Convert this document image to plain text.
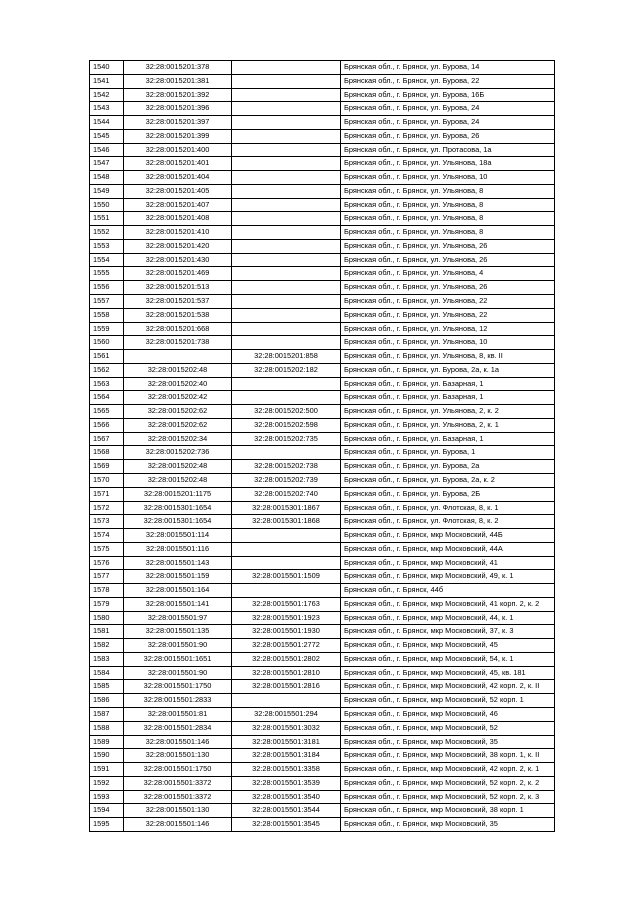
1540	32:28:0015201:378		Брянская обл., г. Брянск, ул. Бурова, 14
1541	32:28:0015201:381		Брянская обл., г. Брянск, ул. Бурова, 22
1542	32:28:0015201:392		Брянская обл., г. Брянск, ул. Бурова, 16Б
1543	32:28:0015201:396		Брянская обл., г. Брянск, ул. Бурова, 24
1544	32:28:0015201:397		Брянская обл., г. Брянск, ул. Бурова, 24
1545	32:28:0015201:399		Брянская обл., г. Брянск, ул. Бурова, 26
1546	32:28:0015201:400		Брянская обл., г. Брянск, ул. Протасова, 1а
1547	32:28:0015201:401		Брянская обл., г. Брянск, ул. Ульянова, 18а
1548	32:28:0015201:404		Брянская обл., г. Брянск, ул. Ульянова, 10
1549	32:28:0015201:405		Брянская обл., г. Брянск, ул. Ульянова, 8
1550	32:28:0015201:407		Брянская обл., г. Брянск, ул. Ульянова, 8
1551	32:28:0015201:408		Брянская обл., г. Брянск, ул. Ульянова, 8
1552	32:28:0015201:410		Брянская обл., г. Брянск, ул. Ульянова, 8
1553	32:28:0015201:420		Брянская обл., г. Брянск, ул. Ульянова, 26
1554	32:28:0015201:430		Брянская обл., г. Брянск, ул. Ульянова, 26
1555	32:28:0015201:469		Брянская обл., г. Брянск, ул. Ульянова, 4
1556	32:28:0015201:513		Брянская обл., г. Брянск, ул. Ульянова, 26
1557	32:28:0015201:537		Брянская обл., г. Брянск, ул. Ульянова, 22
1558	32:28:0015201:538		Брянская обл., г. Брянск, ул. Ульянова, 22
1559	32:28:0015201:668		Брянская обл., г. Брянск, ул. Ульянова, 12
1560	32:28:0015201:738		Брянская обл., г. Брянск, ул. Ульянова, 10
1561		32:28:0015201:858	Брянская обл., г. Брянск, ул. Ульянова, 8, кв. II
1562	32:28:0015202:48	32:28:0015202:182	Брянская обл., г. Брянск, ул. Бурова, 2а, к. 1а
1563	32:28:0015202:40		Брянская обл., г. Брянск, ул. Базарная, 1
1564	32:28:0015202:42		Брянская обл., г. Брянск, ул. Базарная, 1
1565	32:28:0015202:62	32:28:0015202:500	Брянская обл., г. Брянск, ул. Ульянова, 2, к. 2
1566	32:28:0015202:62	32:28:0015202:598	Брянская обл., г. Брянск, ул. Ульянова, 2, к. 1
1567	32:28:0015202:34	32:28:0015202:735	Брянская обл., г. Брянск, ул. Базарная, 1
1568	32:28:0015202:736		Брянская обл., г. Брянск, ул. Бурова, 1
1569	32:28:0015202:48	32:28:0015202:738	Брянская обл., г. Брянск, ул. Бурова, 2а
1570	32:28:0015202:48	32:28:0015202:739	Брянская обл., г. Брянск, ул. Бурова, 2а, к. 2
1571	32:28:0015201:1175	32:28:0015202:740	Брянская обл., г. Брянск, ул. Бурова, 2Б
1572	32:28:0015301:1654	32:28:0015301:1867	Брянская обл., г. Брянск, ул. Флотская, 8, к. 1
1573	32:28:0015301:1654	32:28:0015301:1868	Брянская обл., г. Брянск, ул. Флотская, 8, к. 2
1574	32:28:0015501:114		Брянская обл., г. Брянск, мкр Московский, 44Б
1575	32:28:0015501:116		Брянская обл., г. Брянск, мкр Московский, 44А
1576	32:28:0015501:143		Брянская обл., г. Брянск, мкр Московский, 41
1577	32:28:0015501:159	32:28:0015501:1509	Брянская обл., г. Брянск, мкр Московский, 49, к. 1
1578	32:28:0015501:164		Брянская обл., г. Брянск, 44б
1579	32:28:0015501:141	32:28:0015501:1763	Брянская обл., г. Брянск, мкр Московский, 41 корп. 2, к. 2
1580	32:28:0015501:97	32:28:0015501:1923	Брянская обл., г. Брянск, мкр Московский, 44, к. 1
1581	32:28:0015501:135	32:28:0015501:1930	Брянская обл., г. Брянск, мкр Московский, 37, к. 3
1582	32:28:0015501:90	32:28:0015501:2772	Брянская обл., г. Брянск, мкр Московский, 45
1583	32:28:0015501:1651	32:28:0015501:2802	Брянская обл., г. Брянск, мкр Московский, 54, к. 1
1584	32:28:0015501:90	32:28:0015501:2810	Брянская обл., г. Брянск, мкр Московский, 45, кв. 181
1585	32:28:0015501:1750	32:28:0015501:2816	Брянская обл., г. Брянск, мкр Московский, 42 корп. 2, к. II
1586	32:28:0015501:2833		Брянская обл., г. Брянск, мкр Московский, 52 корп. 1
1587	32:28:0015501:81	32:28:0015501:294	Брянская обл., г. Брянск, мкр Московский, 46
1588	32:28:0015501:2834	32:28:0015501:3032	Брянская обл., г. Брянск, мкр Московский, 52
1589	32:28:0015501:146	32:28:0015501:3181	Брянская обл., г. Брянск, мкр Московский, 35
1590	32:28:0015501:130	32:28:0015501:3184	Брянская обл., г. Брянск, мкр Московский, 38 корп. 1, к. II
1591	32:28:0015501:1750	32:28:0015501:3358	Брянская обл., г. Брянск, мкр Московский, 42 корп. 2, к. 1
1592	32:28:0015501:3372	32:28:0015501:3539	Брянская обл., г. Брянск, мкр Московский, 52 корп. 2, к. 2
1593	32:28:0015501:3372	32:28:0015501:3540	Брянская обл., г. Брянск, мкр Московский, 52 корп. 2, к. 3
1594	32:28:0015501:130	32:28:0015501:3544	Брянская обл., г. Брянск, мкр Московский, 38 корп. 1
1595	32:28:0015501:146	32:28:0015501:3545	Брянская обл., г. Брянск, мкр Московский, 35
